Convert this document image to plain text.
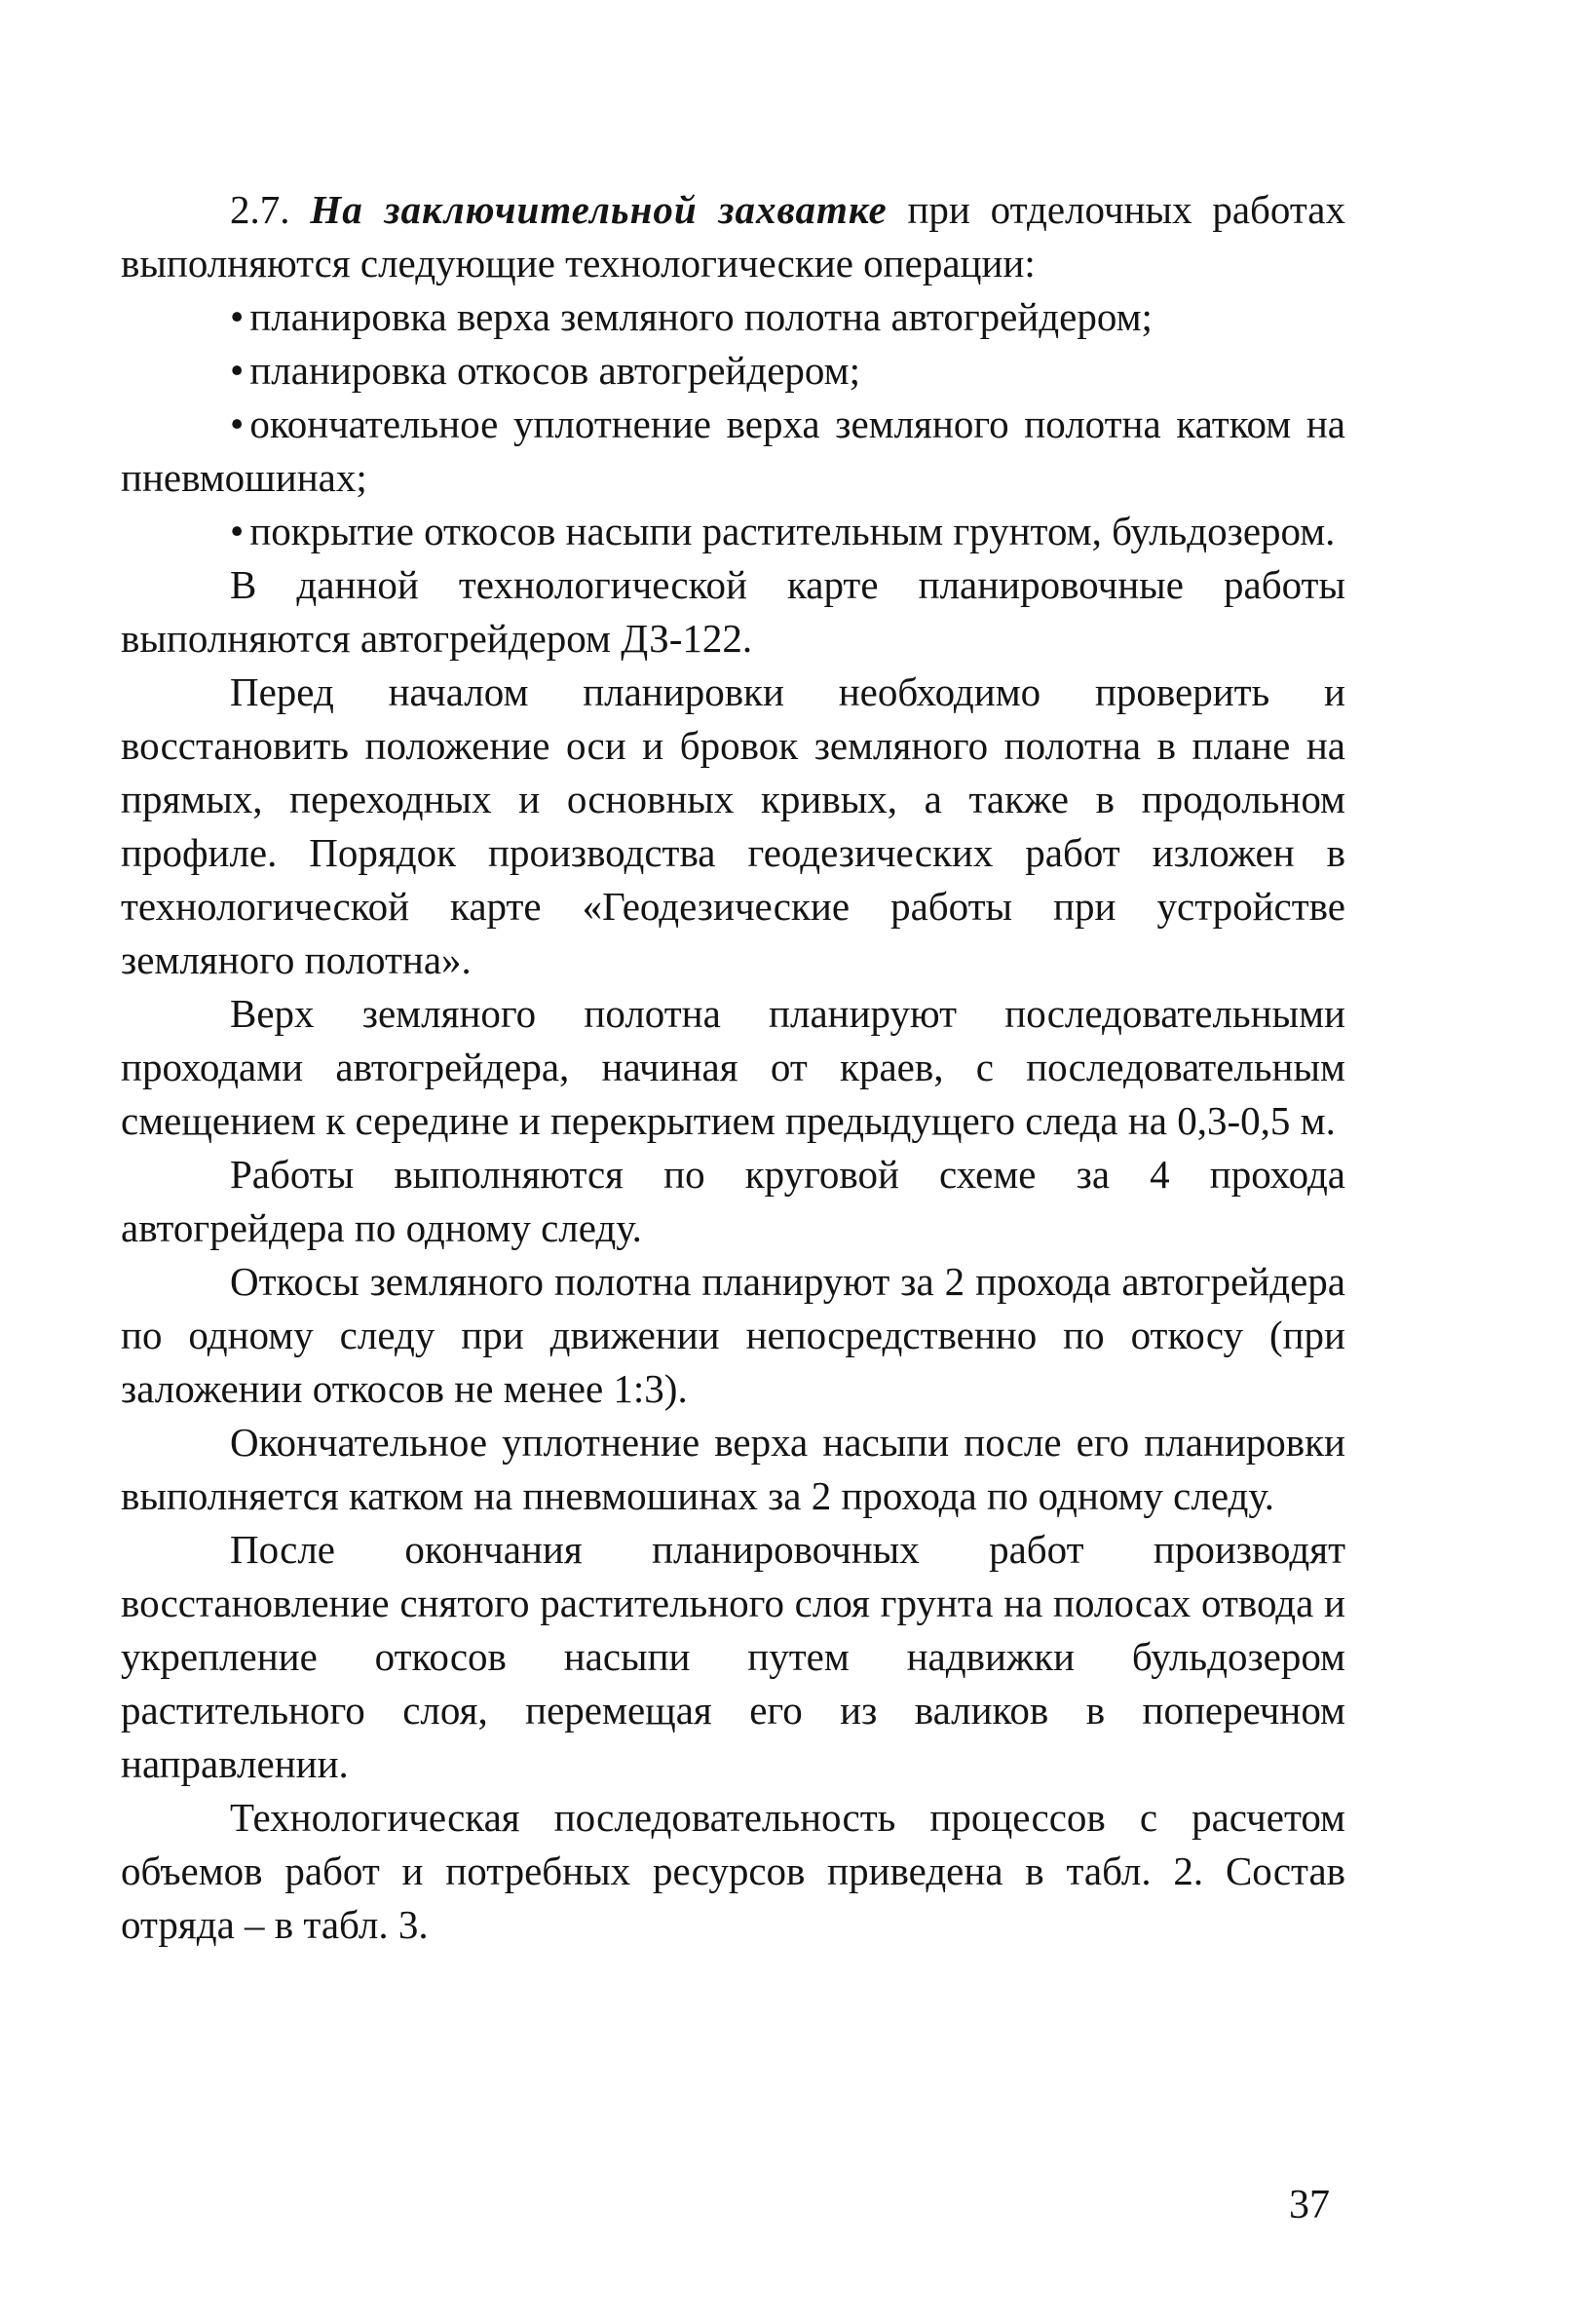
2.7. На заключительной захватке при отделочных работах выполняются следующие технологические операции:

• планировка верха земляного полотна автогрейдером;

• планировка откосов автогрейдером;

• окончательное уплотнение верха земляного полотна катком на пневмошинах;

• покрытие откосов насыпи растительным грунтом, бульдозером.

В данной технологической карте планировочные работы выполняются автогрейдером ДЗ-122.

Перед началом планировки необходимо проверить и восстановить положение оси и бровок земляного полотна в плане на прямых, переходных и основных кривых, а также в продольном профиле. Порядок производства геодезических работ изложен в технологической карте «Геодезические работы при устройстве земляного полотна».

Верх земляного полотна планируют последовательными проходами автогрейдера, начиная от краев, с последовательным смещением к середине и перекрытием предыдущего следа на 0,3-0,5 м.

Работы выполняются по круговой схеме за 4 прохода автогрейдера по одному следу.

Откосы земляного полотна планируют за 2 прохода автогрейдера по одному следу при движении непосредственно по откосу (при заложении откосов не менее 1:3).

Окончательное уплотнение верха насыпи после его планировки выполняется катком на пневмошинах за 2 прохода по одному следу.

После окончания планировочных работ производят восстановление снятого растительного слоя грунта на полосах отвода и укрепление откосов насыпи путем надвижки бульдозером растительного слоя, перемещая его из валиков в поперечном направлении.

Технологическая последовательность процессов с расчетом объемов работ и потребных ресурсов приведена в табл. 2. Состав отряда – в табл. 3.

37
